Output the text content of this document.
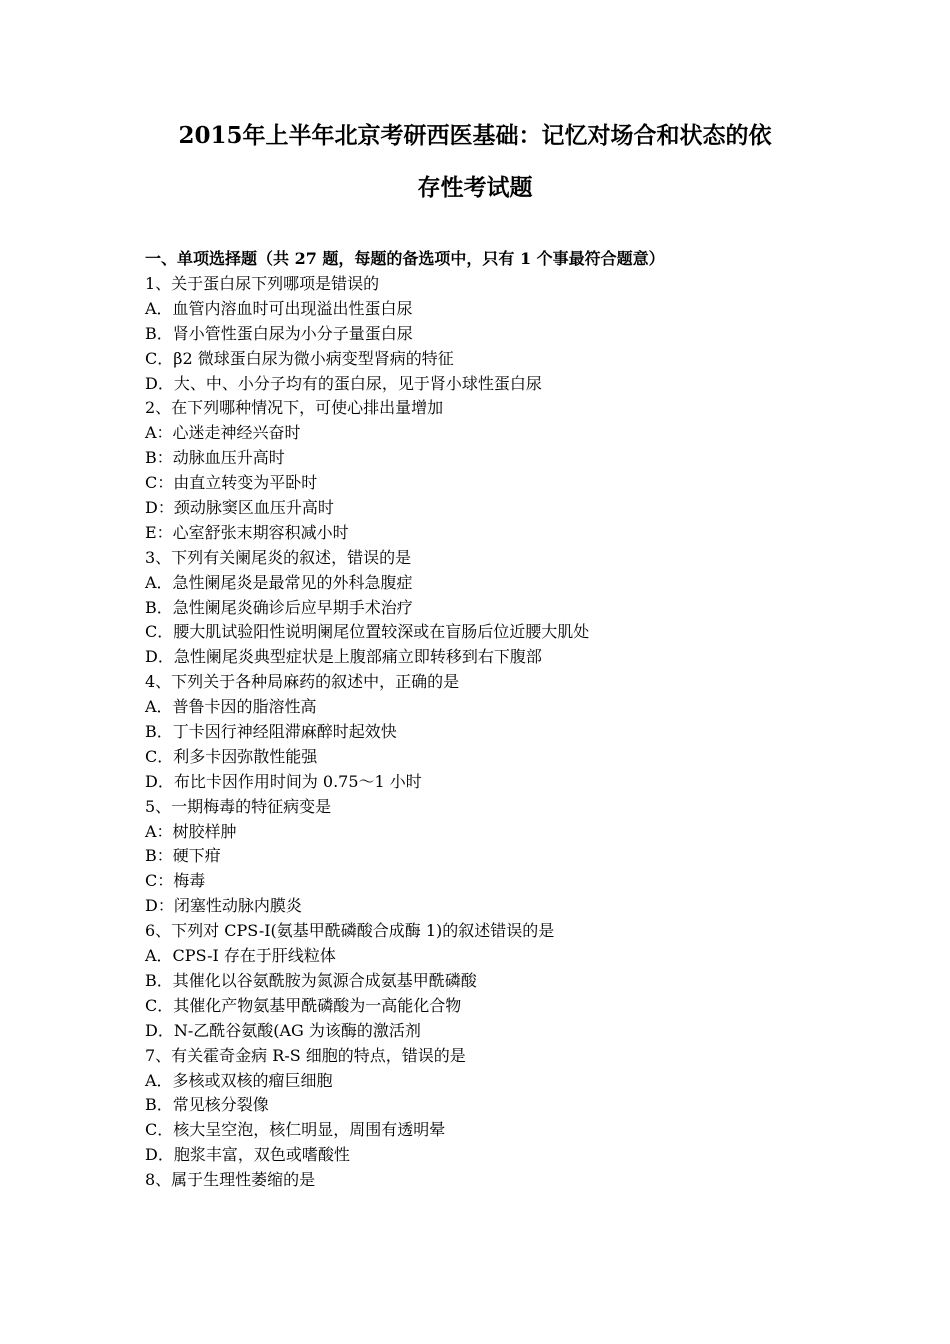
2015年上半年北京考研西医基础：记忆对场合和状态的依
存性考试题
一、单项选择题（共 27 题，每题的备选项中，只有 1 个事最符合题意）
1、关于蛋白尿下列哪项是错误的
A．血管内溶血时可出现溢出性蛋白尿
B．肾小管性蛋白尿为小分子量蛋白尿
C．β2 微球蛋白尿为微小病变型肾病的特征
D．大、中、小分子均有的蛋白尿，见于肾小球性蛋白尿
2、在下列哪种情况下，可使心排出量增加
A：心迷走神经兴奋时
B：动脉血压升高时
C：由直立转变为平卧时
D：颈动脉窦区血压升高时
E：心室舒张末期容积减小时
3、下列有关阑尾炎的叙述，错误的是
A．急性阑尾炎是最常见的外科急腹症
B．急性阑尾炎确诊后应早期手术治疗
C．腰大肌试验阳性说明阑尾位置较深或在盲肠后位近腰大肌处
D．急性阑尾炎典型症状是上腹部痛立即转移到右下腹部
4、下列关于各种局麻药的叙述中，正确的是
A．普鲁卡因的脂溶性高
B．丁卡因行神经阻滞麻醉时起效快
C．利多卡因弥散性能强
D．布比卡因作用时间为 0.75～1 小时
5、一期梅毒的特征病变是
A：树胶样肿
B：硬下疳
C：梅毒
D：闭塞性动脉内膜炎
6、下列对 CPS-I(氨基甲酰磷酸合成酶 1)的叙述错误的是
A．CPS-I 存在于肝线粒体
B．其催化以谷氨酰胺为氮源合成氨基甲酰磷酸
C．其催化产物氨基甲酰磷酸为一高能化合物
D．N-乙酰谷氨酸(AG 为该酶的激活剂
7、有关霍奇金病 R-S 细胞的特点，错误的是
A．多核或双核的瘤巨细胞
B．常见核分裂像
C．核大呈空泡，核仁明显，周围有透明晕
D．胞浆丰富，双色或嗜酸性
8、属于生理性萎缩的是
